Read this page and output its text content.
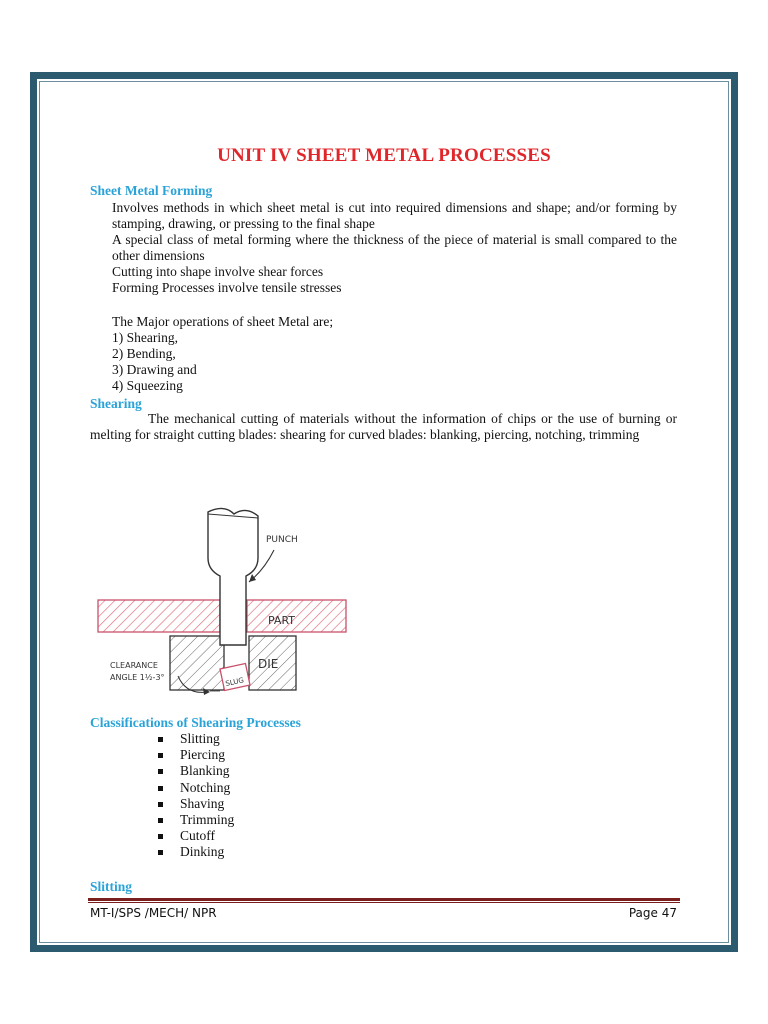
UNIT IV SHEET METAL PROCESSES
Sheet Metal Forming
Involves methods in which sheet metal is cut into required dimensions and shape; and/or forming by stamping, drawing, or pressing to the final shape
A special class of metal forming where the thickness of the piece of material is small compared to the other dimensions
Cutting into shape involve shear forces
Forming Processes involve tensile stresses
The Major operations of sheet Metal are;
1) Shearing,
2) Bending,
3) Drawing and
4) Squeezing
Shearing
The mechanical cutting of materials without the information of chips or the use of burning or melting for straight cutting blades: shearing for curved blades: blanking, piercing, notching, trimming
PUNCH
PART
DIE
SLUG
CLEARANCE
ANGLE 1½-3°
Classifications of Shearing Processes
Slitting
Piercing
Blanking
Notching
Shaving
Trimming
Cutoff
Dinking
Slitting
MT-I/SPS /MECH/ NPR	Page 47
